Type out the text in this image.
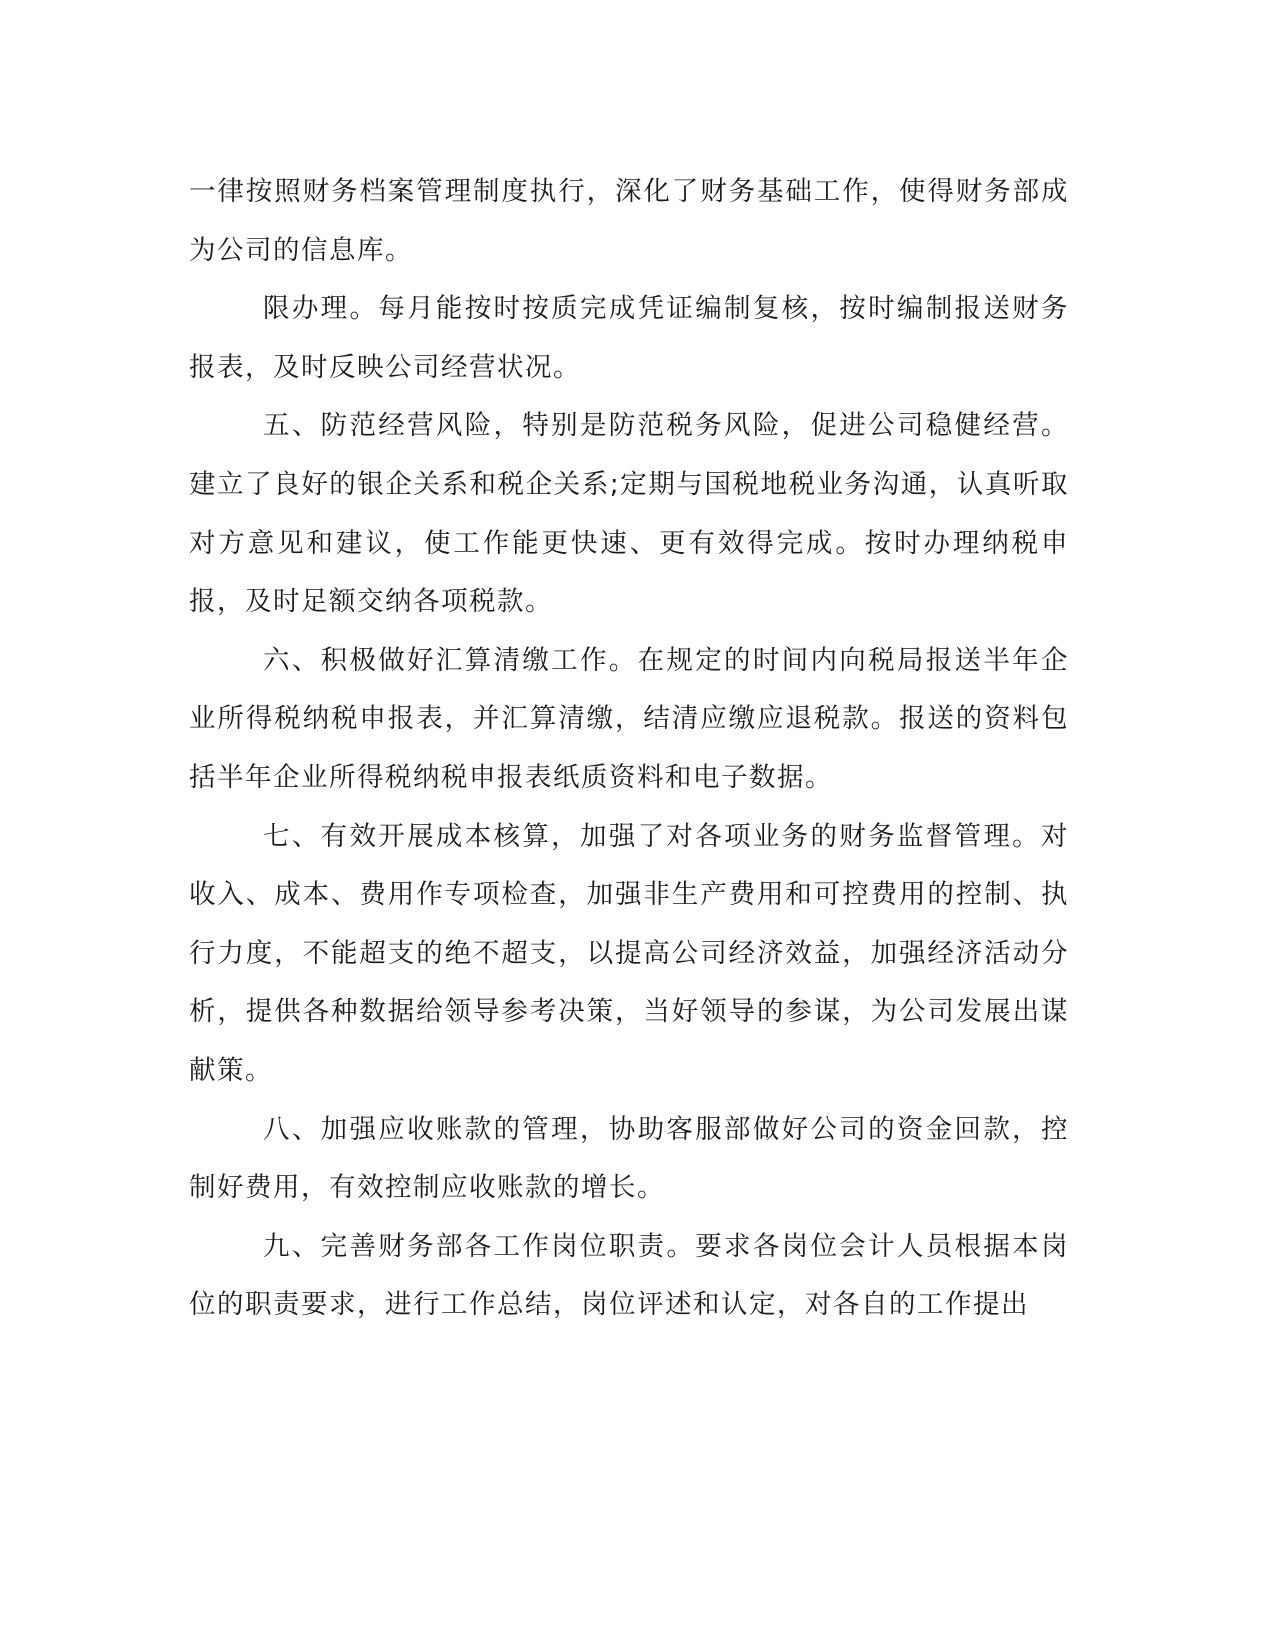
一律按照财务档案管理制度执行，深化了财务基础工作，使得财务部成为公司的信息库。

限办理。每月能按时按质完成凭证编制复核，按时编制报送财务报表，及时反映公司经营状况。

五、防范经营风险，特别是防范税务风险，促进公司稳健经营。建立了良好的银企关系和税企关系;定期与国税地税业务沟通，认真听取对方意见和建议，使工作能更快速、更有效得完成。按时办理纳税申报，及时足额交纳各项税款。

六、积极做好汇算清缴工作。在规定的时间内向税局报送半年企业所得税纳税申报表，并汇算清缴，结清应缴应退税款。报送的资料包括半年企业所得税纳税申报表纸质资料和电子数据。

七、有效开展成本核算，加强了对各项业务的财务监督管理。对收入、成本、费用作专项检查，加强非生产费用和可控费用的控制、执行力度，不能超支的绝不超支，以提高公司经济效益，加强经济活动分析，提供各种数据给领导参考决策，当好领导的参谋，为公司发展出谋献策。

八、加强应收账款的管理，协助客服部做好公司的资金回款，控制好费用，有效控制应收账款的增长。

九、完善财务部各工作岗位职责。要求各岗位会计人员根据本岗位的职责要求，进行工作总结，岗位评述和认定，对各自的工作提出
